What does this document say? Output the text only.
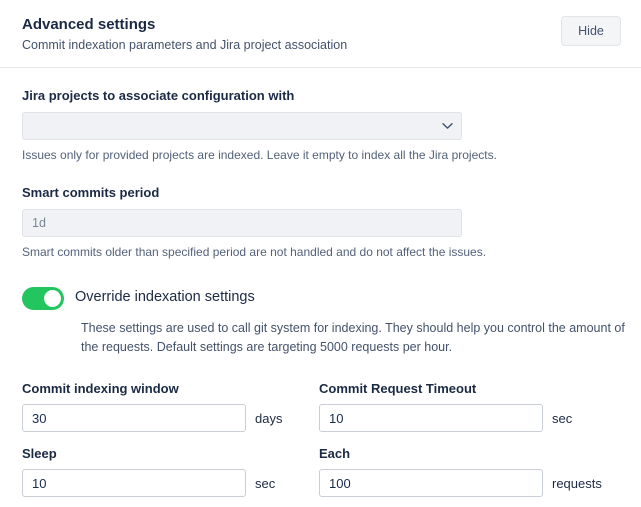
Advanced settings
Commit indexation parameters and Jira project association
Hide
Jira projects to associate configuration with
Issues only for provided projects are indexed. Leave it empty to index all the Jira projects.
Smart commits period
1d
Smart commits older than specified period are not handled and do not affect the issues.
Override indexation settings
These settings are used to call git system for indexing. They should help you control the amount of the requests. Default settings are targeting 5000 requests per hour.
Commit indexing window
30	days
Commit Request Timeout
10	sec
Sleep
10	sec
Each
100	requests
